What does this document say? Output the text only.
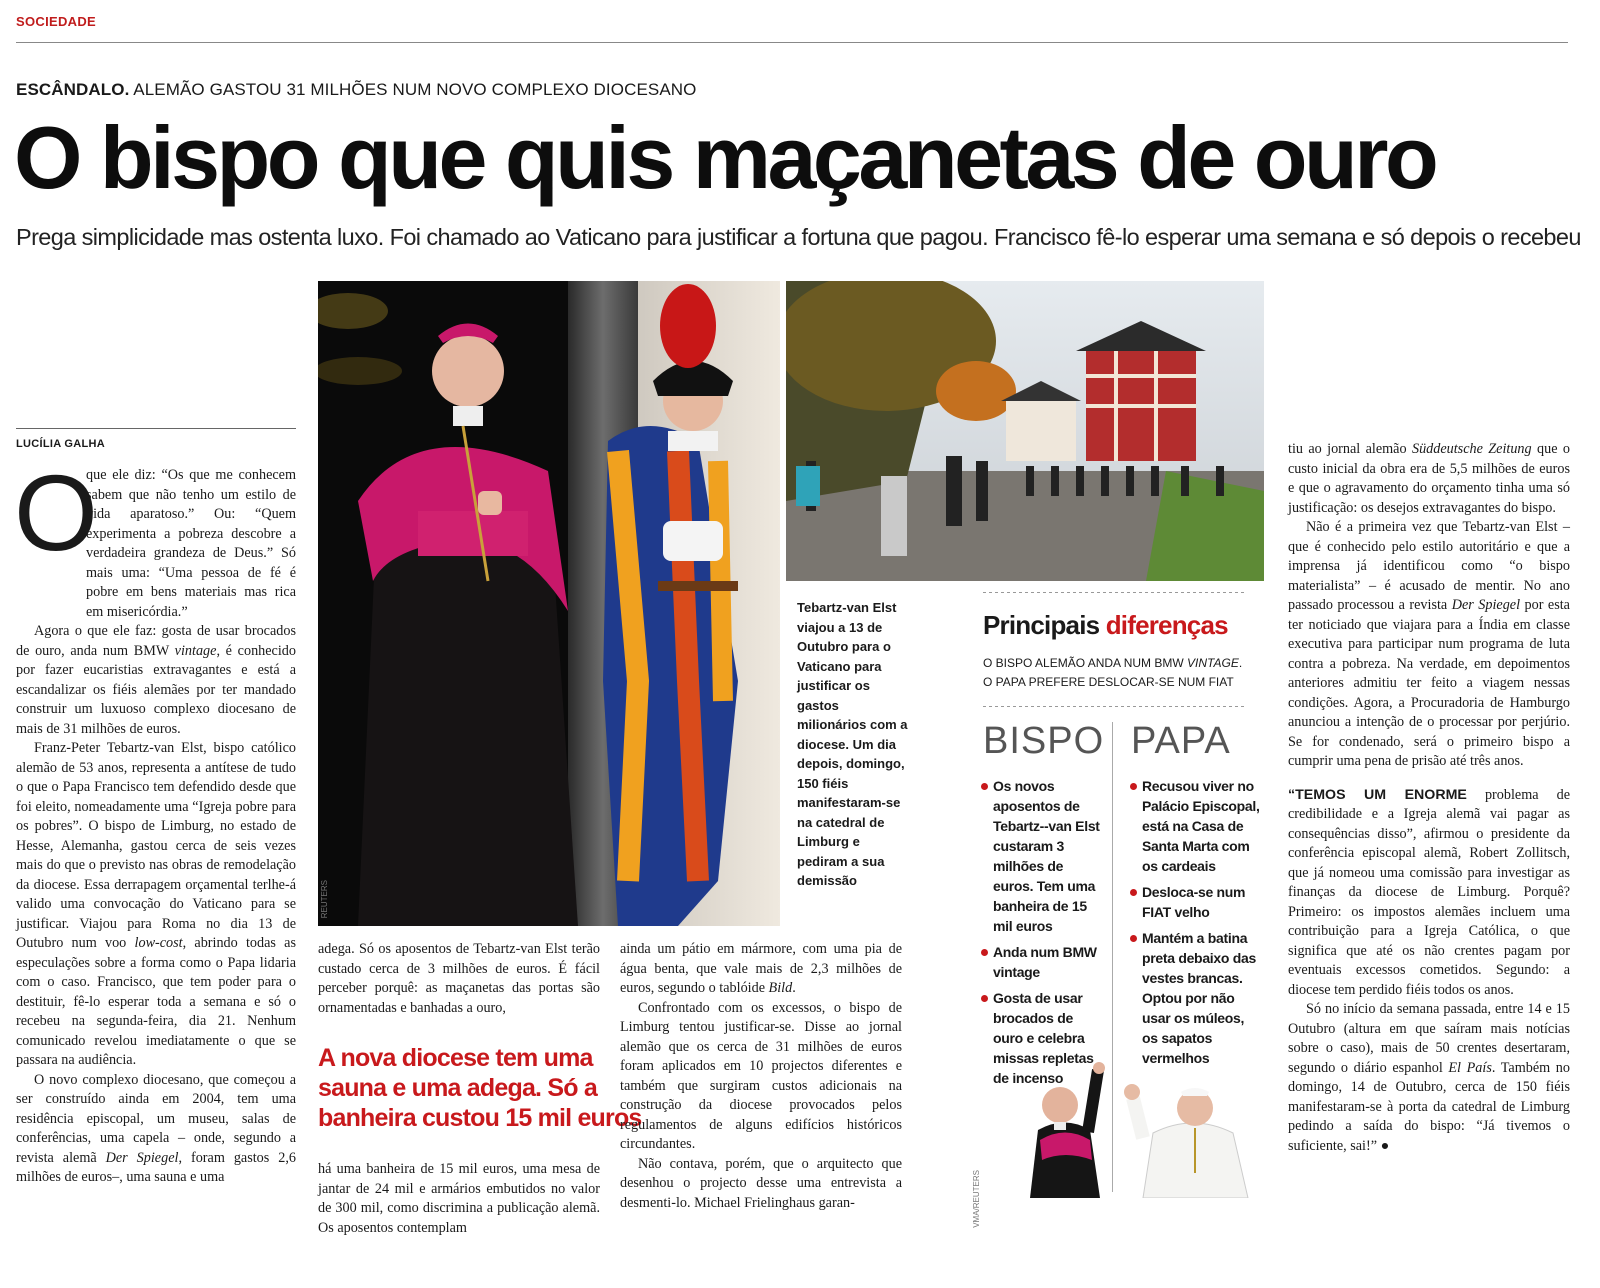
SOCIEDADE
ESCÂNDALO. ALEMÃO GASTOU 31 MILHÕES NUM NOVO COMPLEXO DIOCESANO
O bispo que quis maçanetas de ouro
Prega simplicidade mas ostenta luxo. Foi chamado ao Vaticano para justificar a fortuna que pagou. Francisco fê-lo esperar uma semana e só depois o recebeu
LUCÍLIA GALHA
O

que ele diz: “Os que me conhecem sabem que não tenho um estilo de vida aparatoso.” Ou: “Quem experimenta a pobreza descobre a verdadeira grandeza de Deus.” Só mais uma: “Uma pessoa de fé é pobre em bens materiais mas rica em misericórdia.”

Agora o que ele faz: gosta de usar brocados de ouro, anda num BMW vintage, é conhecido por fazer eucaristias extravagantes e está a escandalizar os fiéis alemães por ter mandado construir um luxuoso complexo diocesano de mais de 31 milhões de euros.

Franz-Peter Tebartz-van Elst, bispo católico alemão de 53 anos, representa a antítese de tudo o que o Papa Francisco tem defendido desde que foi eleito, nomeadamente uma “Igreja pobre para os pobres”. O bispo de Limburg, no estado de Hesse, Alemanha, gastou cerca de seis vezes mais do que o previsto nas obras de remodelação da diocese. Essa derrapagem orçamental terlhe-á valido uma convocação do Vaticano para se justificar. Viajou para Roma no dia 13 de Outubro num voo low-cost, abrindo todas as especulações sobre a forma como o Papa lidaria com o caso. Francisco, que tem poder para o destituir, fê-lo esperar toda a semana e só o recebeu na segunda-feira, dia 21. Nenhum comunicado revelou imediatamente o que se passara na audiência.

O novo complexo diocesano, que começou a ser construído ainda em 2004, tem uma residência episcopal, um museu, salas de conferências, uma capela – onde, segundo a revista alemã Der Spiegel, foram gastos 2,6 milhões de euros–, uma sauna e uma

REUTERS
Tebartz-van Elst viajou a 13 de Outubro para o Vaticano para justificar os gastos milionários com a diocese. Um dia depois, domingo, 150 fiéis manifestaram-se na catedral de Limburg e pediram a sua demissão

adega. Só os aposentos de Tebartz-van Elst terão custado cerca de 3 milhões de euros. É fácil perceber porquê: as maçanetas das portas são ornamentadas e banhadas a ouro,

A nova diocese tem uma sauna e uma adega. Só a banheira custou 15 mil euros

há uma banheira de 15 mil euros, uma mesa de jantar de 24 mil e armários embutidos no valor de 300 mil, como discrimina a publicação alemã. Os aposentos contemplam

ainda um pátio em mármore, com uma pia de água benta, que vale mais de 2,3 milhões de euros, segundo o tablóide Bild.

Confrontado com os excessos, o bispo de Limburg tentou justificar-se. Disse ao jornal alemão que os cerca de 31 milhões de euros foram aplicados em 10 projectos diferentes e também que surgiram custos adicionais na construção da diocese provocados pelos regulamentos de alguns edifícios históricos circundantes.

Não contava, porém, que o arquitecto que desenhou o projecto desse uma entrevista a desmenti-lo. Michael Frielinghaus garan-

Principais diferenças
O BISPO ALEMÃO ANDA NUM BMW VINTAGE.
O PAPA PREFERE DESLOCAR-SE NUM FIAT
BISPO PAPA
Os novos aposentos de Tebartz--van Elst custaram 3 milhões de euros. Tem uma banheira de 15 mil euros
Anda num BMW vintage
Gosta de usar brocados de ouro e celebra missas repletas de incenso
Recusou viver no Palácio Episcopal, está na Casa de Santa Marta com os cardeais
Desloca-se num FIAT velho
Mantém a batina preta debaixo das vestes brancas. Optou por não usar os múleos, os sapatos vermelhos
VMA/REUTERS

tiu ao jornal alemão Süddeutsche Zeitung que o custo inicial da obra era de 5,5 milhões de euros e que o agravamento do orçamento tinha uma só justificação: os desejos extravagantes do bispo.

Não é a primeira vez que Tebartz-van Elst – que é conhecido pelo estilo autoritário e que a imprensa já identificou como “o bispo materialista” – é acusado de mentir. No ano passado processou a revista Der Spiegel por esta ter noticiado que viajara para a Índia em classe executiva para participar num programa de luta contra a pobreza. Na verdade, em depoimentos anteriores admitiu ter feito a viagem nessas condições. Agora, a Procuradoria de Hamburgo anunciou a intenção de o processar por perjúrio. Se for condenado, será o primeiro bispo a cumprir uma pena de prisão até três anos.

“TEMOS UM ENORME problema de credibilidade e a Igreja alemã vai pagar as consequências disso”, afirmou o presidente da conferência episcopal alemã, Robert Zollitsch, que já nomeou uma comissão para investigar as finanças da diocese de Limburg. Porquê? Primeiro: os impostos alemães incluem uma contribuição para a Igreja Católica, o que significa que até os não crentes pagam por eventuais excessos cometidos. Segundo: a diocese tem perdido fiéis todos os anos.

Só no início da semana passada, entre 14 e 15 Outubro (altura em que saíram mais notícias sobre o caso), mais de 50 crentes desertaram, segundo o diário espanhol El País. Também no domingo, 14 de Outubro, cerca de 150 fiéis manifestaram-se à porta da catedral de Limburg pedindo a saída do bispo: “Já tivemos o suficiente, sai!” ●
